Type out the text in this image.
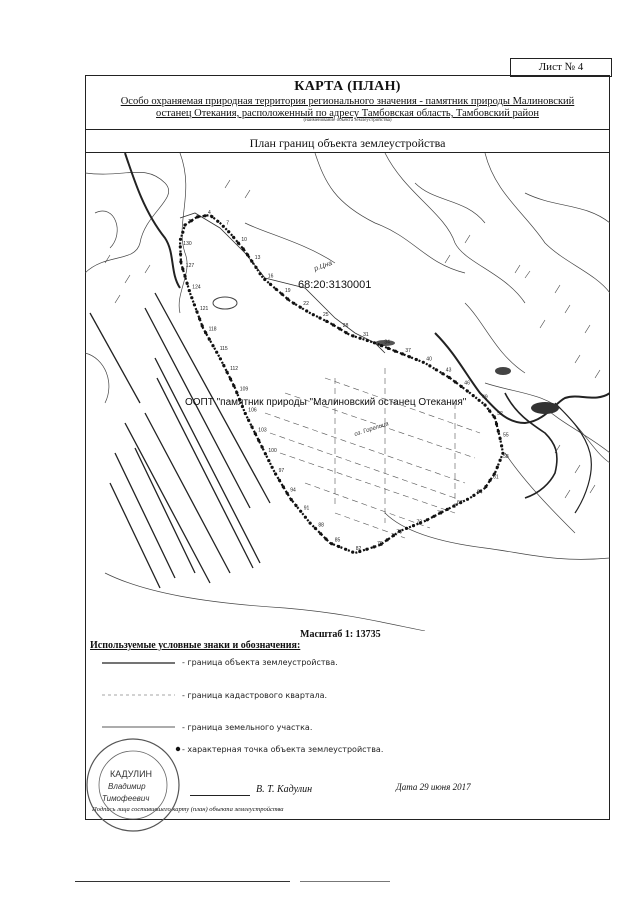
Лист № 4
КАРТА (ПЛАН)
Особо охраняемая природная территория регионального значения - памятник природы Малиновский
останец Отекания, расположенный по адресу Тамбовская область, Тамбовский район
(наименование объекта землеустройства)
План границ объекта землеустройства
1
4
7
10
13
16
19
22
25
28
31
34
37
40
43
46
49
52
55
58
61
64
67
70
73
76
79
82
85
88
91
94
97
100
103
106
109
112
115
118
121
124
127
130
68:20:3130001
ООПТ "памятник природы "Малиновский останец Отекания"
р.Цна
оз. Горелица
Масштаб 1: 13735
Используемые условные знаки и обозначения:
- граница объекта землеустройства.
- граница кадастрового квартала.
- граница земельного участка.
- характерная точка объекта землеустройства.
В. Т. Кадулин	Дата 29 июня 2017
Подпись лица составившего карту (план) объекта землеустройства
КАДУЛИН
Владимир
Тимофеевич
